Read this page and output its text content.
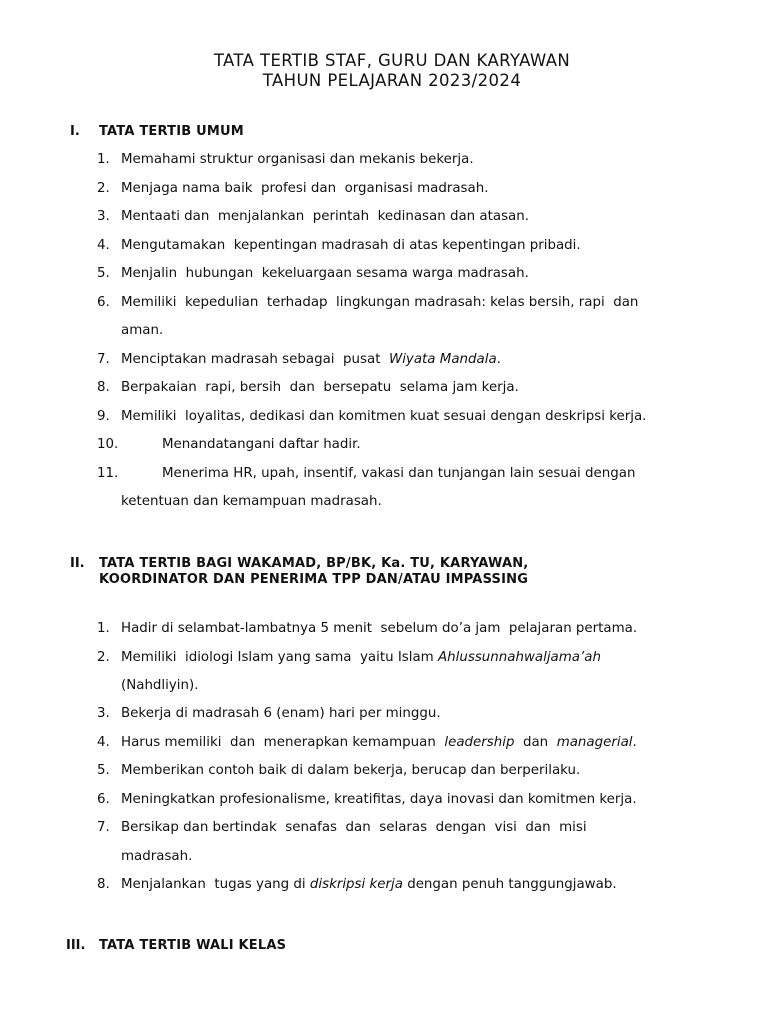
TATA TERTIB STAF, GURU DAN KARYAWAN
TAHUN PELAJARAN 2023/2024
I. TATA TERTIB UMUM
1. Memahami struktur organisasi dan mekanis bekerja.
2. Menjaga nama baik  profesi dan  organisasi madrasah.
3. Mentaati dan  menjalankan  perintah  kedinasan dan atasan.
4. Mengutamakan  kepentingan madrasah di atas kepentingan pribadi.
5. Menjalin  hubungan  kekeluargaan sesama warga madrasah.
6. Memiliki  kepedulian  terhadap  lingkungan madrasah: kelas bersih, rapi  dan
aman.
7. Menciptakan madrasah sebagai  pusat  Wiyata Mandala.
8. Berpakaian  rapi, bersih  dan  bersepatu  selama jam kerja.
9. Memiliki  loyalitas, dedikasi dan komitmen kuat sesuai dengan deskripsi kerja.
10.	Menandatangani daftar hadir.
11.	Menerima HR, upah, insentif, vakasi dan tunjangan lain sesuai dengan
ketentuan dan kemampuan madrasah.
II. TATA TERTIB BAGI WAKAMAD, BP/BK, Ka. TU, KARYAWAN,
KOORDINATOR DAN PENERIMA TPP DAN/ATAU IMPASSING
1. Hadir di selambat-lambatnya 5 menit  sebelum do’a jam  pelajaran pertama.
2. Memiliki  idiologi Islam yang sama  yaitu Islam Ahlussunnahwaljama’ah
(Nahdliyin).
3. Bekerja di madrasah 6 (enam) hari per minggu.
4. Harus memiliki  dan  menerapkan kemampuan  leadership  dan  managerial.
5. Memberikan contoh baik di dalam bekerja, berucap dan berperilaku.
6. Meningkatkan profesionalisme, kreatifitas, daya inovasi dan komitmen kerja.
7. Bersikap dan bertindak  senafas  dan  selaras  dengan  visi  dan  misi
madrasah.
8. Menjalankan  tugas yang di diskripsi kerja dengan penuh tanggungjawab.
III. TATA TERTIB WALI KELAS
